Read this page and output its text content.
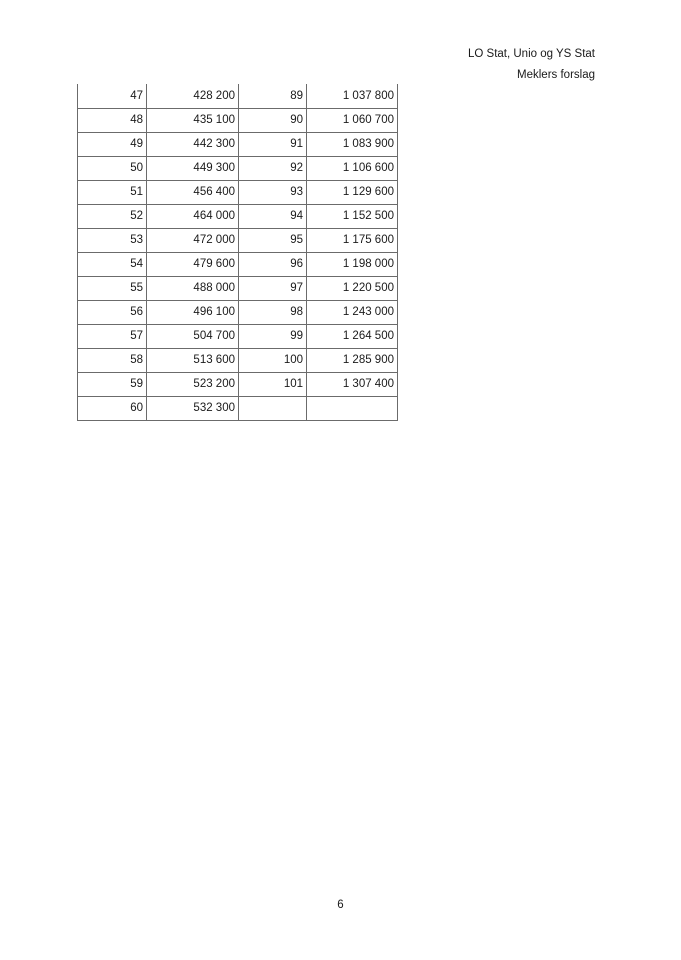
LO Stat, Unio og YS Stat
Meklers forslag
47	428 200	89	1 037 800
48	435 100	90	1 060 700
49	442 300	91	1 083 900
50	449 300	92	1 106 600
51	456 400	93	1 129 600
52	464 000	94	1 152 500
53	472 000	95	1 175 600
54	479 600	96	1 198 000
55	488 000	97	1 220 500
56	496 100	98	1 243 000
57	504 700	99	1 264 500
58	513 600	100	1 285 900
59	523 200	101	1 307 400
60	532 300		
6
